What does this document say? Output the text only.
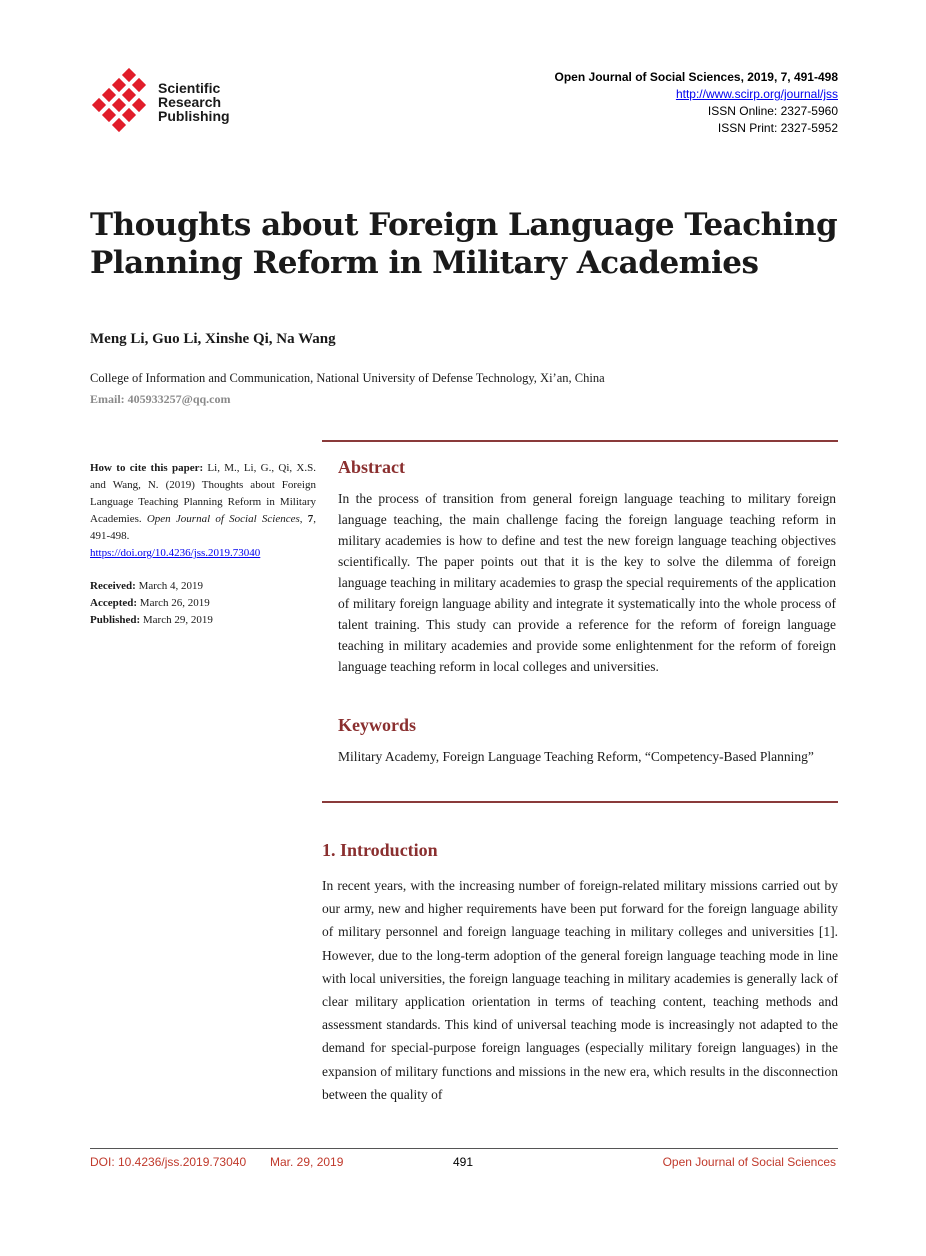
Scientific
Research
Publishing
Open Journal of Social Sciences, 2019, 7, 491-498
http://www.scirp.org/journal/jss
ISSN Online: 2327-5960
ISSN Print: 2327-5952
Thoughts about Foreign Language Teaching
Planning Reform in Military Academies
Meng Li, Guo Li, Xinshe Qi, Na Wang
College of Information and Communication, National University of Defense Technology, Xi’an, China
Email: 405933257@qq.com
How to cite this paper: Li, M., Li, G., Qi, X.S. and Wang, N. (2019) Thoughts about Foreign Language Teaching Planning Reform in Military Academies. Open Journal of Social Sciences, 7, 491-498.
https://doi.org/10.4236/jss.2019.73040
Received: March 4, 2019
Accepted: March 26, 2019
Published: March 29, 2019
Abstract
In the process of transition from general foreign language teaching to military foreign language teaching, the main challenge facing the foreign language teaching reform in military academies is how to define and test the new foreign language teaching objectives scientifically. The paper points out that it is the key to solve the dilemma of foreign language teaching in military academies to grasp the special requirements of the application of military foreign language ability and integrate it systematically into the whole process of talent training. This study can provide a reference for the reform of foreign language teaching in military academies and provide some enlightenment for the reform of foreign language teaching reform in local colleges and universities.
Keywords
Military Academy, Foreign Language Teaching Reform, “Competency-Based Planning”
1. Introduction
In recent years, with the increasing number of foreign-related military missions carried out by our army, new and higher requirements have been put forward for the foreign language ability of military personnel and foreign language teaching in military colleges and universities [1]. However, due to the long-term adoption of the general foreign language teaching mode in line with local universities, the foreign language teaching in military academies is generally lack of clear military application orientation in terms of teaching content, teaching methods and assessment standards. This kind of universal teaching mode is increasingly not adapted to the demand for special-purpose foreign languages (especially military foreign languages) in the expansion of military functions and missions in the new era, which results in the disconnection between the quality of
DOI: 10.4236/jss.2019.73040 Mar. 29, 2019	491	Open Journal of Social Sciences
